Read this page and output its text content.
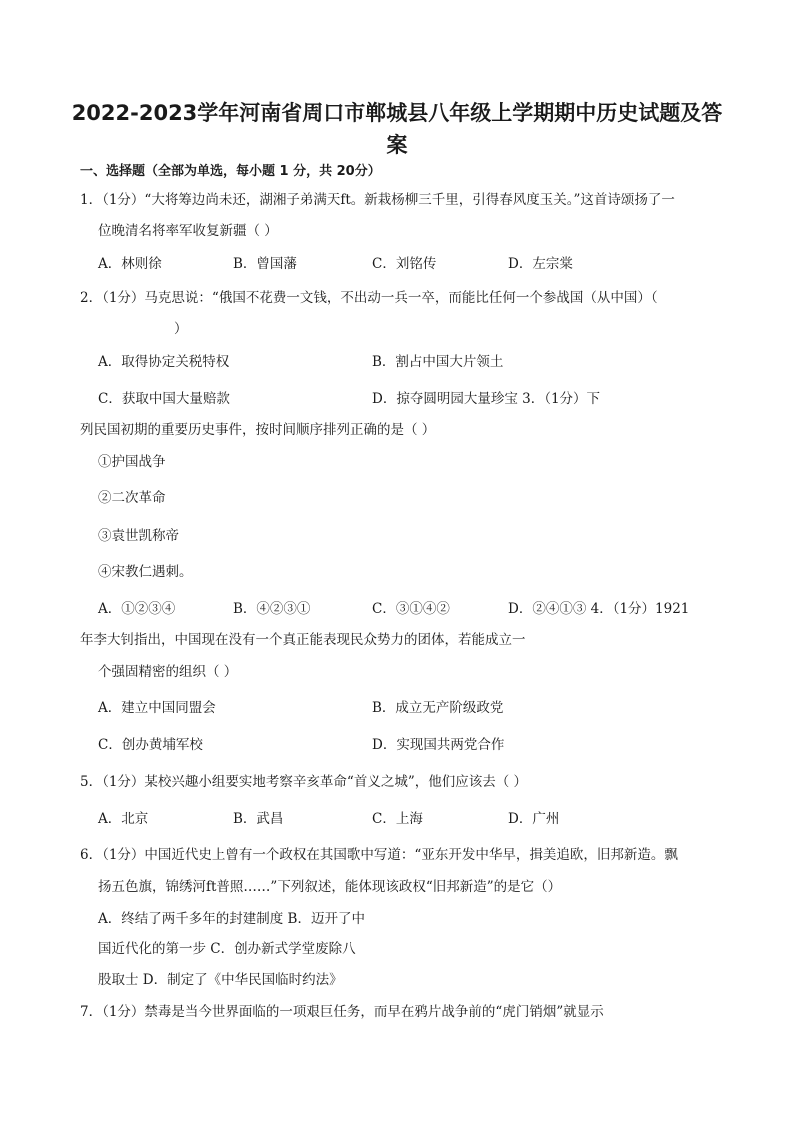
2022-2023学年河南省周口市郸城县八年级上学期期中历史试题及答
案
一、选择题（全部为单选，每小题 1 分，共 20分）
1．（1分）“大将筹边尚未还，湖湘子弟满天ft。新栽杨柳三千里，引得春风度玉关。”这首诗颂扬了一
位晚清名将率军收复新疆（ ）
A．林则徐	B．曾国藩	C．刘铭传	D．左宗棠
2．（1分）马克思说：“俄国不花费一文钱，不出动一兵一卒，而能比任何一个参战国（从中国）（
）
A．取得协定关税特权	B．割占中国大片领土
C．获取中国大量赔款	D．掠夺圆明园大量珍宝 3．（1分）下
列民国初期的重要历史事件，按时间顺序排列正确的是（ ）
①护国战争
②二次革命
③袁世凯称帝
④宋教仁遇刺。
A．①②③④	B．④②③①	C．③①④②	D．②④①③ 4．（1分）1921
年李大钊指出，中国现在没有一个真正能表现民众势力的团体，若能成立一
个强固精密的组织（ ）
A．建立中国同盟会	B．成立无产阶级政党
C．创办黄埔军校	D．实现国共两党合作
5．（1分）某校兴趣小组要实地考察辛亥革命“首义之城”，他们应该去（ ）
A．北京	B．武昌	C．上海	D．广州
6．（1分）中国近代史上曾有一个政权在其国歌中写道：“亚东开发中华早，揖美追欧，旧邦新造。飘
扬五色旗，锦绣河ft普照……”下列叙述，能体现该政权“旧邦新造”的是它（）
A．终结了两千多年的封建制度 B．迈开了中
国近代化的第一步 C．创办新式学堂废除八
股取士 D．制定了《中华民国临时约法》
7．（1分）禁毒是当今世界面临的一项艰巨任务，而早在鸦片战争前的“虎门销烟”就显示
